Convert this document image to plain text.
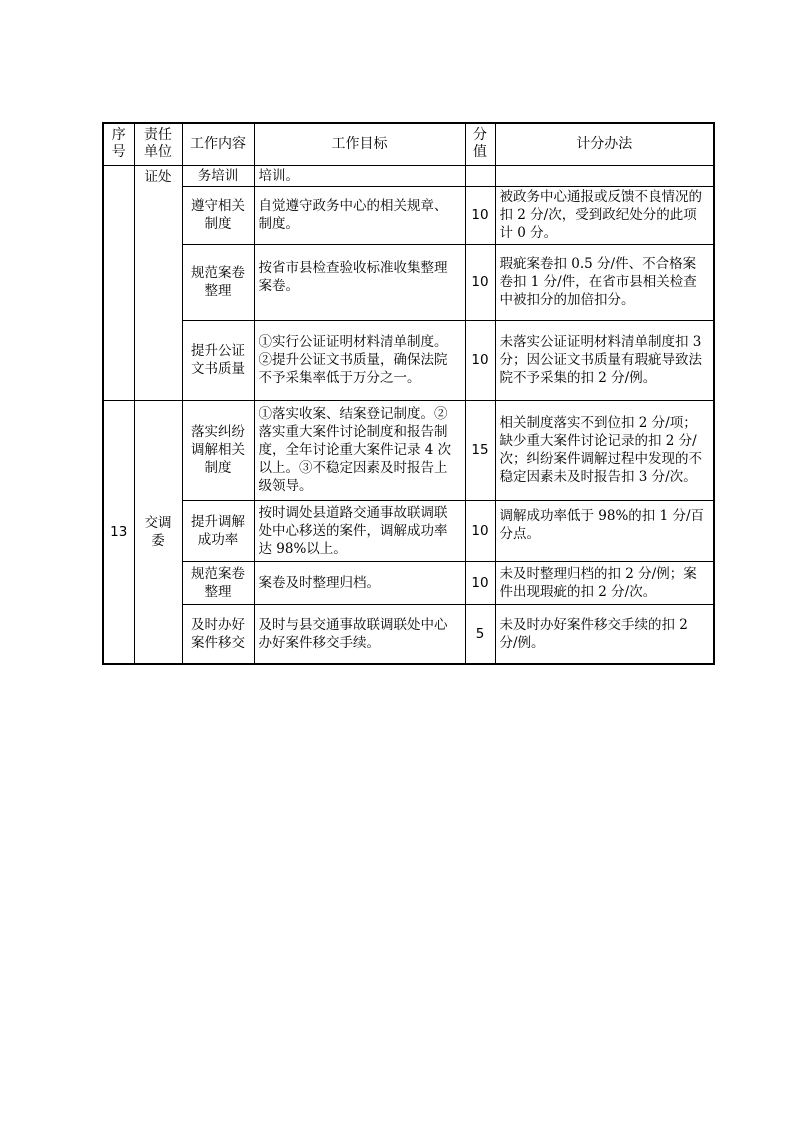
序号	责任单位	工作内容	工作目标	分值	计分办法
	证处	务培训	培训。		
		遵守相关制度	自觉遵守政务中心的相关规章、制度。	10	被政务中心通报或反馈不良情况的扣 2 分/次，受到政纪处分的此项计 0 分。
		规范案卷整理	按省市县检查验收标准收集整理案卷。	10	瑕疵案卷扣 0.5 分/件、不合格案卷扣 1 分/件，在省市县相关检查中被扣分的加倍扣分。
		提升公证文书质量	①实行公证证明材料清单制度。②提升公证文书质量，确保法院不予采集率低于万分之一。	10	未落实公证证明材料清单制度扣 3 分；因公证文书质量有瑕疵导致法院不予采集的扣 2 分/例。
13	交调委	落实纠纷调解相关制度	①落实收案、结案登记制度。②落实重大案件讨论制度和报告制度，全年讨论重大案件记录 4 次以上。③不稳定因素及时报告上级领导。	15	相关制度落实不到位扣 2 分/项；缺少重大案件讨论记录的扣 2 分/次；纠纷案件调解过程中发现的不稳定因素未及时报告扣 3 分/次。
		提升调解成功率	按时调处县道路交通事故联调联处中心移送的案件，调解成功率达 98%以上。	10	调解成功率低于 98%的扣 1 分/百分点。
		规范案卷整理	案卷及时整理归档。	10	未及时整理归档的扣 2 分/例；案件出现瑕疵的扣 2 分/次。
		及时办好案件移交	及时与县交通事故联调联处中心办好案件移交手续。	5	未及时办好案件移交手续的扣 2 分/例。
